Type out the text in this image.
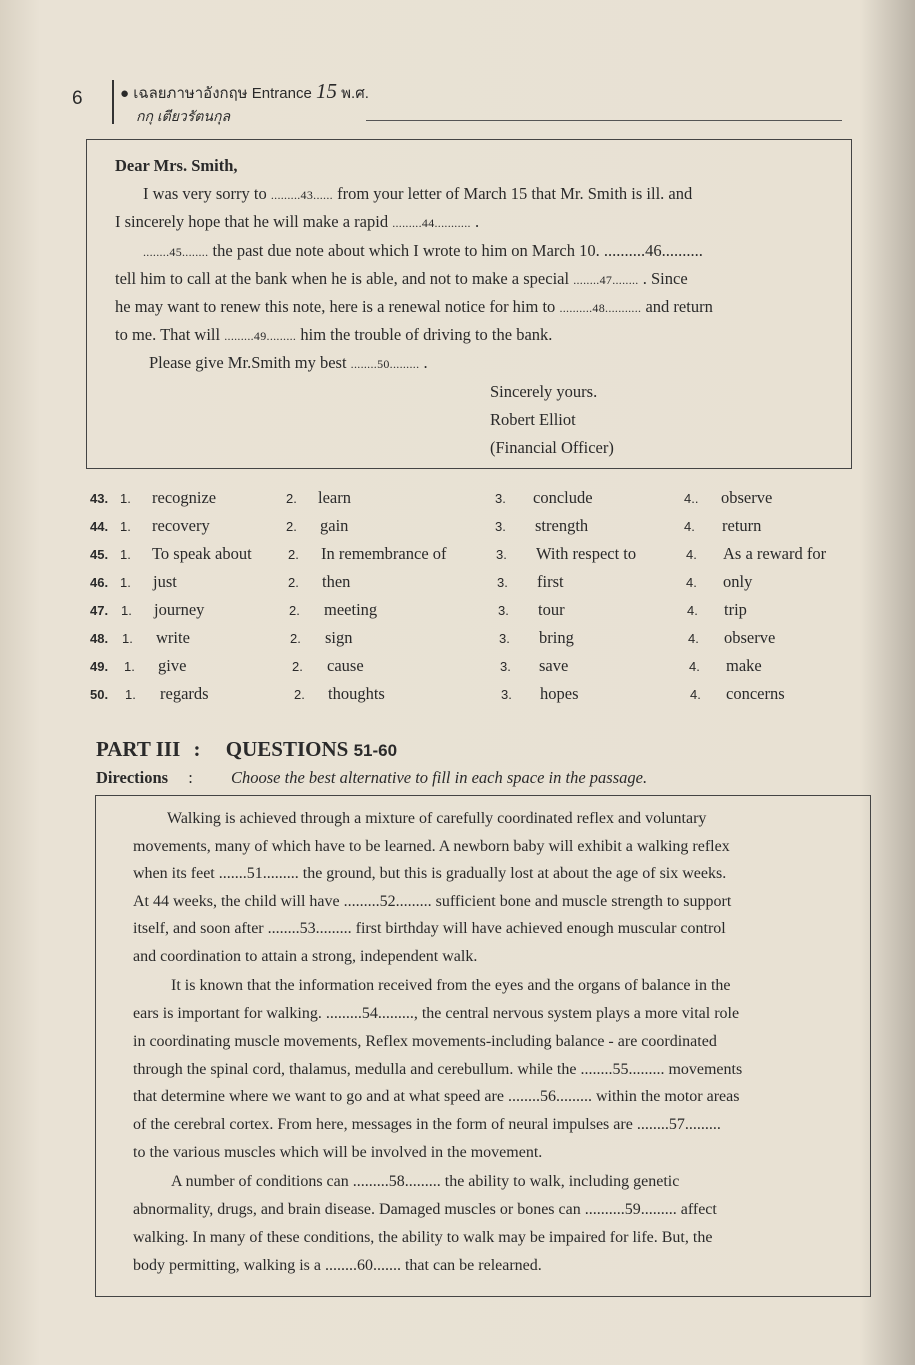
6 ● เฉลยภาษาอังกฤษ Entrance 15 พ.ศ.
กกุ เตียวรัตนกุล
Dear Mrs. Smith,
I was very sorry to .........43...... from your letter of March 15 that Mr. Smith is ill. and
I sincerely hope that he will make a rapid .........44........... .
........45........ the past due note about which I wrote to him on March 10. ..........46..........
tell him to call at the bank when he is able, and not to make a special ........47........ . Since
he may want to renew this note, here is a renewal notice for him to ..........48........... and return
to me. That will .........49......... him the trouble of driving to the bank.
Please give Mr.Smith my best ........50......... .
Sincerely yours.
Robert Elliot
(Financial Officer)
43. 1. recognize	2. learn	3. conclude	4.. observe
44. 1. recovery	2. gain	3. strength	4. return
45. 1. To speak about	2. In remembrance of	3. With respect to	4. As a reward for
46. 1. just	2. then	3. first	4. only
47. 1. journey	2. meeting	3. tour	4. trip
48. 1. write	2. sign	3. bring	4. observe
49. 1. give	2. cause	3. save	4. make
50. 1. regards	2. thoughts	3. hopes	4. concerns
PART III : QUESTIONS 51-60
Directions : Choose the best alternative to fill in each space in the passage.
Walking is achieved through a mixture of carefully coordinated reflex and voluntary
movements, many of which have to be learned. A newborn baby will exhibit a walking reflex
when its feet .......51......... the ground, but this is gradually lost at about the age of six weeks.
At 44 weeks, the child will have .........52......... sufficient bone and muscle strength to support
itself, and soon after ........53......... first birthday will have achieved enough muscular control
and coordination to attain a strong, independent walk.
It is known that the information received from the eyes and the organs of balance in the
ears is important for walking. .........54........., the central nervous system plays a more vital role
in coordinating muscle movements, Reflex movements-including balance - are coordinated
through the spinal cord, thalamus, medulla and cerebullum. while the ........55......... movements
that determine where we want to go and at what speed are ........56......... within the motor areas
of the cerebral cortex. From here, messages in the form of neural impulses are ........57.........
to the various muscles which will be involved in the movement.
A number of conditions can .........58......... the ability to walk, including genetic
abnormality, drugs, and brain disease. Damaged muscles or bones can ..........59......... affect
walking. In many of these conditions, the ability to walk may be impaired for life. But, the
body permitting, walking is a ........60....... that can be relearned.
